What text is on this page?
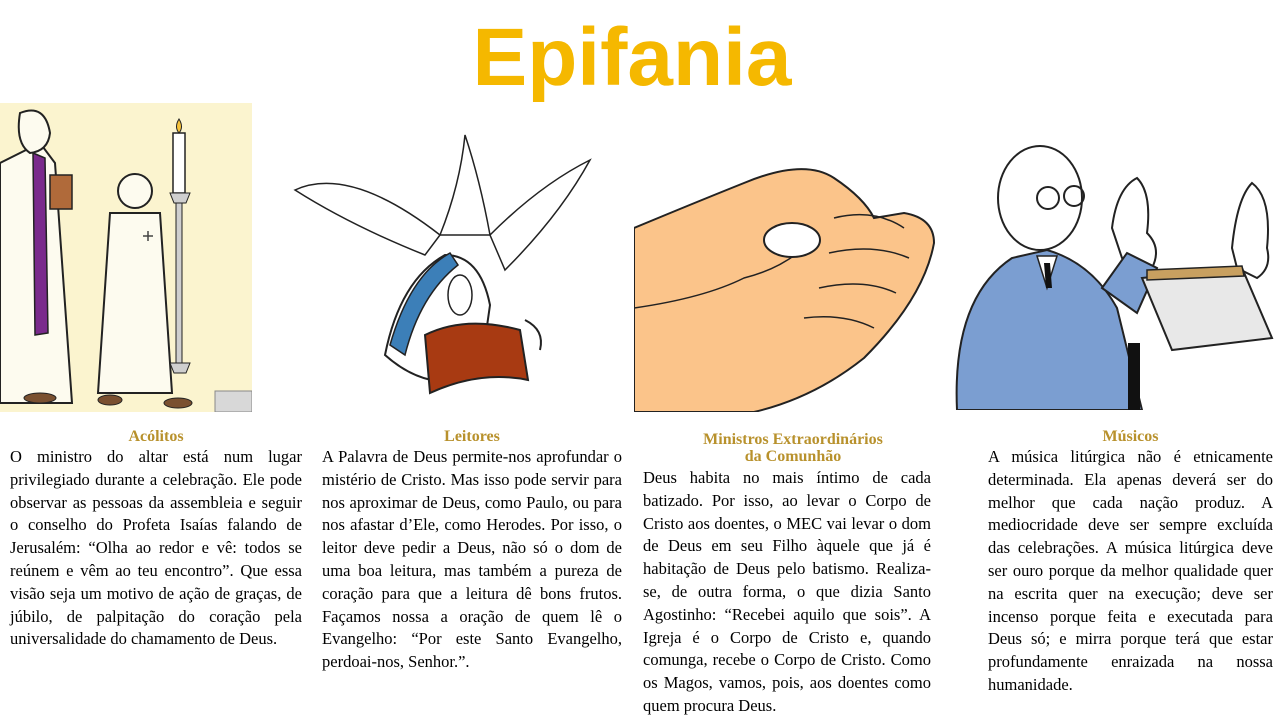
Epifania
Acólitos

O ministro do altar está num lugar privilegiado durante a celebração. Ele pode observar as pessoas da assembleia e seguir o conselho do Profeta Isaías falando de Jerusalém: “Olha ao redor e vê: todos se reúnem e vêm ao teu encontro”. Que essa visão seja um motivo de ação de graças, de júbilo, de palpitação do coração pela universalidade do chamamento de Deus.

Leitores

A Palavra de Deus permite-nos aprofundar o mistério de Cristo. Mas isso pode servir para nos aproximar de Deus, como Paulo, ou para nos afastar d’Ele, como Herodes. Por isso, o leitor deve pedir a Deus, não só o dom de uma boa leitura, mas também a pureza de coração para que a leitura dê bons frutos. Façamos nossa a oração de quem lê o Evangelho: “Por este Santo Evangelho, perdoai-nos, Senhor.”.

Ministros Extraordinários
da Comunhão

Deus habita no mais íntimo de cada batizado. Por isso, ao levar o Corpo de Cristo aos doentes, o MEC vai levar o dom de Deus em seu Filho àquele que já é habitação de Deus pelo batismo. Realiza-se, de outra forma, o que dizia Santo Agostinho: “Recebei aquilo que sois”. A Igreja é o Corpo de Cristo e, quando comunga, recebe o Corpo de Cristo. Como os Magos, vamos, pois, aos doentes como quem procura Deus.

Músicos

A música litúrgica não é etnicamente determinada. Ela apenas deverá ser do melhor que cada nação produz. A mediocridade deve ser sempre excluída das celebrações. A música litúrgica deve ser ouro porque da melhor qualidade quer na escrita quer na execução; deve ser incenso porque feita e executada para Deus só; e mirra porque terá que estar profundamente enraizada na nossa humanidade.
